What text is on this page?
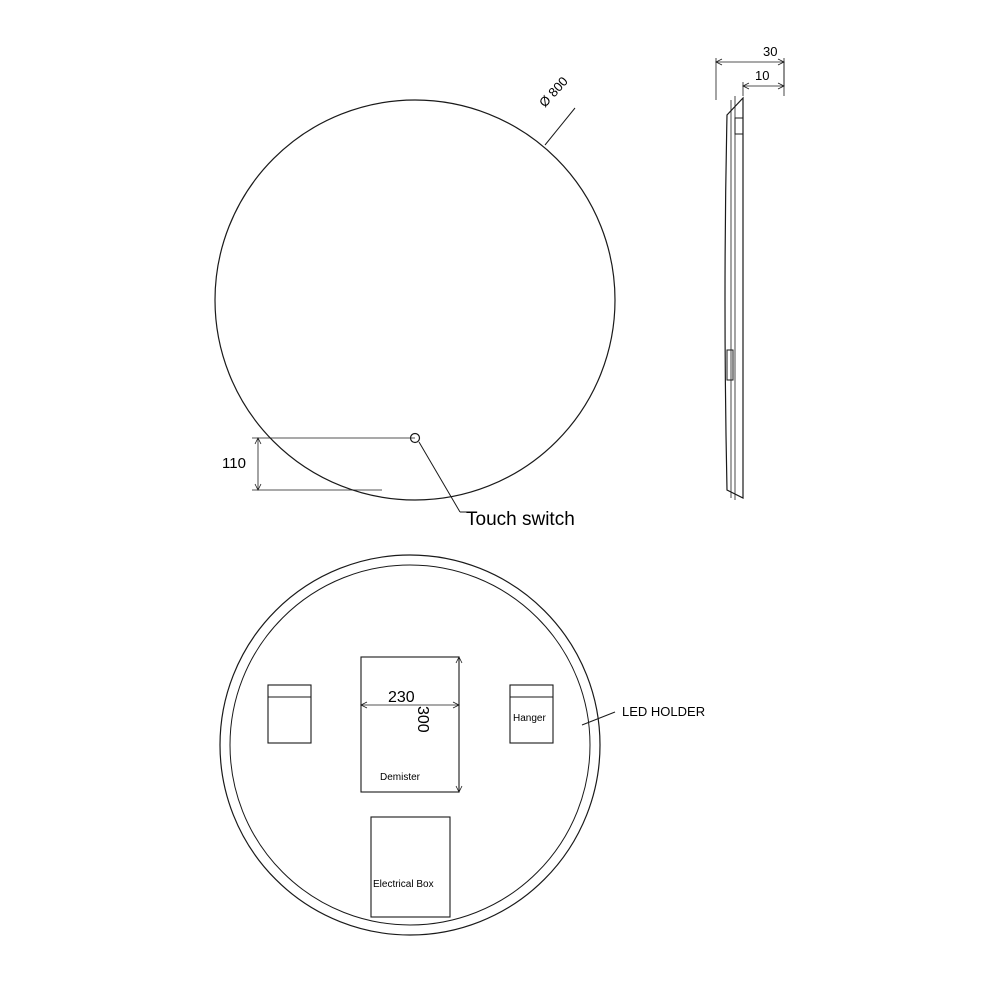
Ø 800
110
Touch switch
30
10
230
300
Demister
Electrical Box
Hanger	LED HOLDER
